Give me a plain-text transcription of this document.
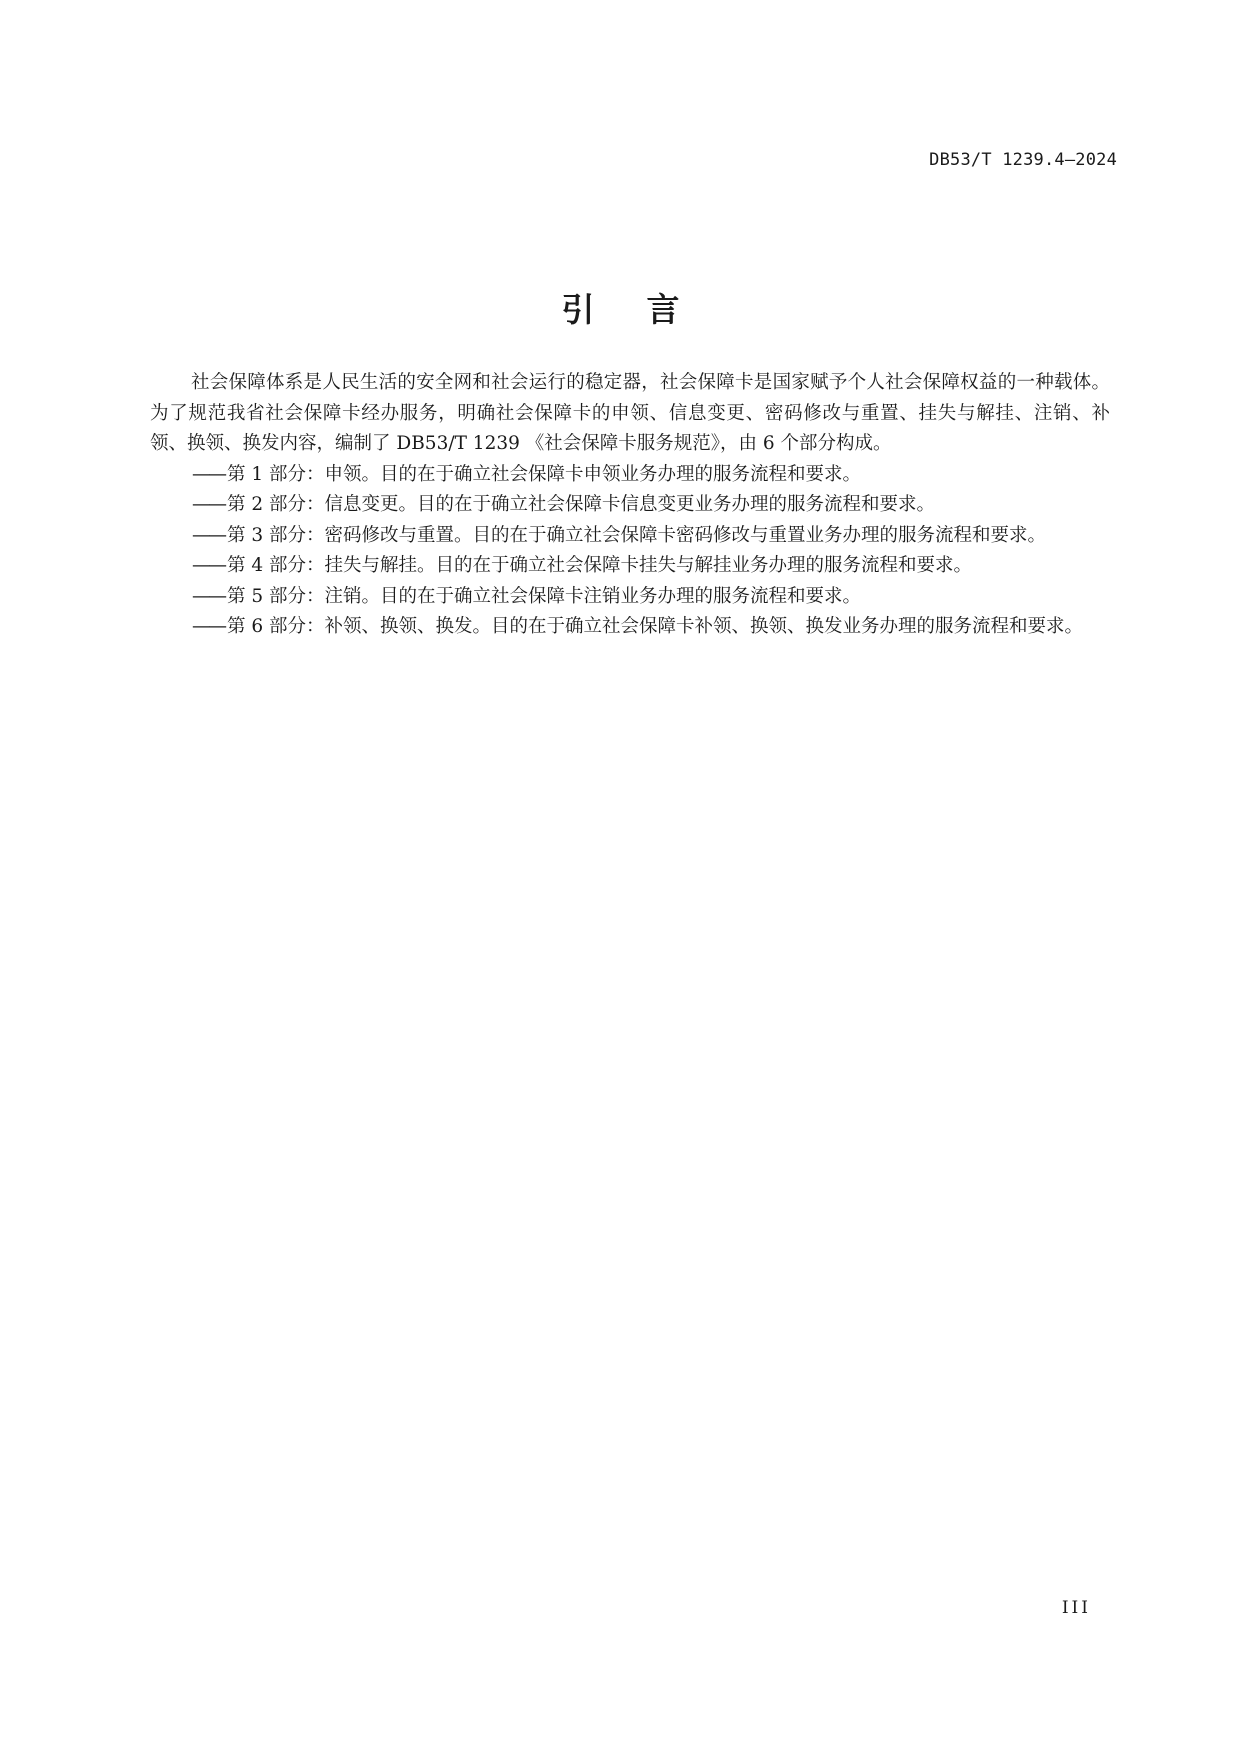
DB53/T 1239.4—2024
引言

社会保障体系是人民生活的安全网和社会运行的稳定器，社会保障卡是国家赋予个人社会保障权益的一种载体。为了规范我省社会保障卡经办服务，明确社会保障卡的申领、信息变更、密码修改与重置、挂失与解挂、注销、补领、换领、换发内容，编制了 DB53/T 1239 《社会保障卡服务规范》，由 6 个部分构成。

—— 第 1 部分：申领。目的在于确立社会保障卡申领业务办理的服务流程和要求。
—— 第 2 部分：信息变更。目的在于确立社会保障卡信息变更业务办理的服务流程和要求。
—— 第 3 部分：密码修改与重置。目的在于确立社会保障卡密码修改与重置业务办理的服务流程和要求。
—— 第 4 部分：挂失与解挂。目的在于确立社会保障卡挂失与解挂业务办理的服务流程和要求。
—— 第 5 部分：注销。目的在于确立社会保障卡注销业务办理的服务流程和要求。
—— 第 6 部分：补领、换领、换发。目的在于确立社会保障卡补领、换领、换发业务办理的服务流程和要求。
III
